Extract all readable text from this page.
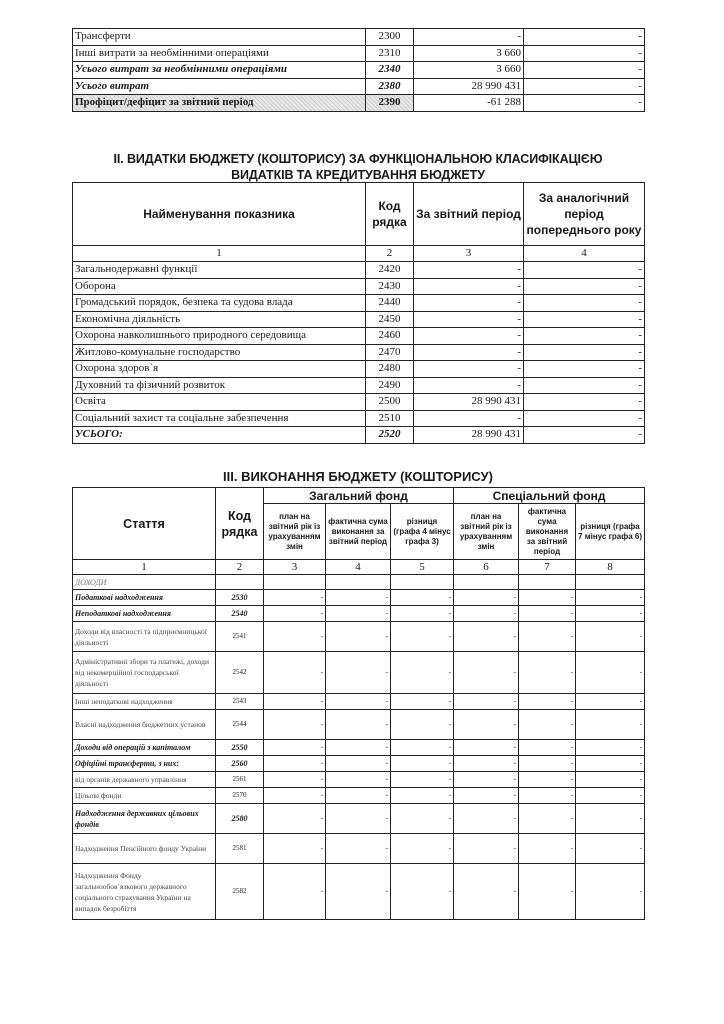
Трансферти	2300	-	-
Інші витрати за необмінними операціями	2310	3 660	-
Усього витрат за необмінними операціями	2340	3 660	-
Усього витрат	2380	28 990 431	-
Профіцит/дефіцит за звітний період	2390	-61 288	-
II. ВИДАТКИ БЮДЖЕТУ (КОШТОРИСУ) ЗА ФУНКЦІОНАЛЬНОЮ КЛАСИФІКАЦІЄЮ
ВИДАТКІВ ТА КРЕДИТУВАННЯ БЮДЖЕТУ
Найменування показника	Код рядка	За звітний період	За аналогічний період попереднього року
1	2	3	4
Загальнодержавні функції	2420	-	-
Оборона	2430	-	-
Громадський порядок, безпека та судова влада	2440	-	-
Економічна діяльність	2450	-	-
Охорона навколишнього природного середовища	2460	-	-
Житлово-комунальне господарство	2470	-	-
Охорона здоров`я	2480	-	-
Духовний та фізичний розвиток	2490	-	-
Освіта	2500	28 990 431	-
Соціальний захист та соціальне забезпечення	2510	-	-
УСЬОГО:	2520	28 990 431	-
III. ВИКОНАННЯ БЮДЖЕТУ (КОШТОРИСУ)
Стаття	Код рядка	Загальний фонд			Спеціальний фонд		
		план на звітний рік із урахуванням змін	фактична сума виконання за звітний період	різниця (графа 4 мінус графа 3)	план на звітний рік із урахуванням змін	фактична сума виконання за звітний період	різниця (графа 7 мінус графа 6)
1	2	3	4	5	6	7	8
ДОХОДИ							
Податкові надходження	2530	-	-	-	-	-	-
Неподаткові надходження	2540	-	-	-	-	-	-
Доходи від власності та підприємницької діяльності	2541	-	-	-	-	-	-
Адміністративні збори та платежі, доходи від некомерційної господарської діяльності	2542	-	-	-	-	-	-
Інші неподаткові надходження	2543	-	-	-	-	-	-
Власні надходження бюджетних установ	2544	-	-	-	-	-	-
Доходи від операцій з капіталом	2550	-	-	-	-	-	-
Офіційні трансферти, з них:	2560	-	-	-	-	-	-
від органів державного управління	2561	-	-	-	-	-	-
Цільові фонди	2570	-	-	-	-	-	-
Надходження державних цільових фондів	2580	-	-	-	-	-	-
Надходження Пенсійного фонду України	2581	-	-	-	-	-	-
Надходження Фонду загальнообов`язкового державного соціального страхування України на випадок безробіття	2582	-	-	-	-	-	-
